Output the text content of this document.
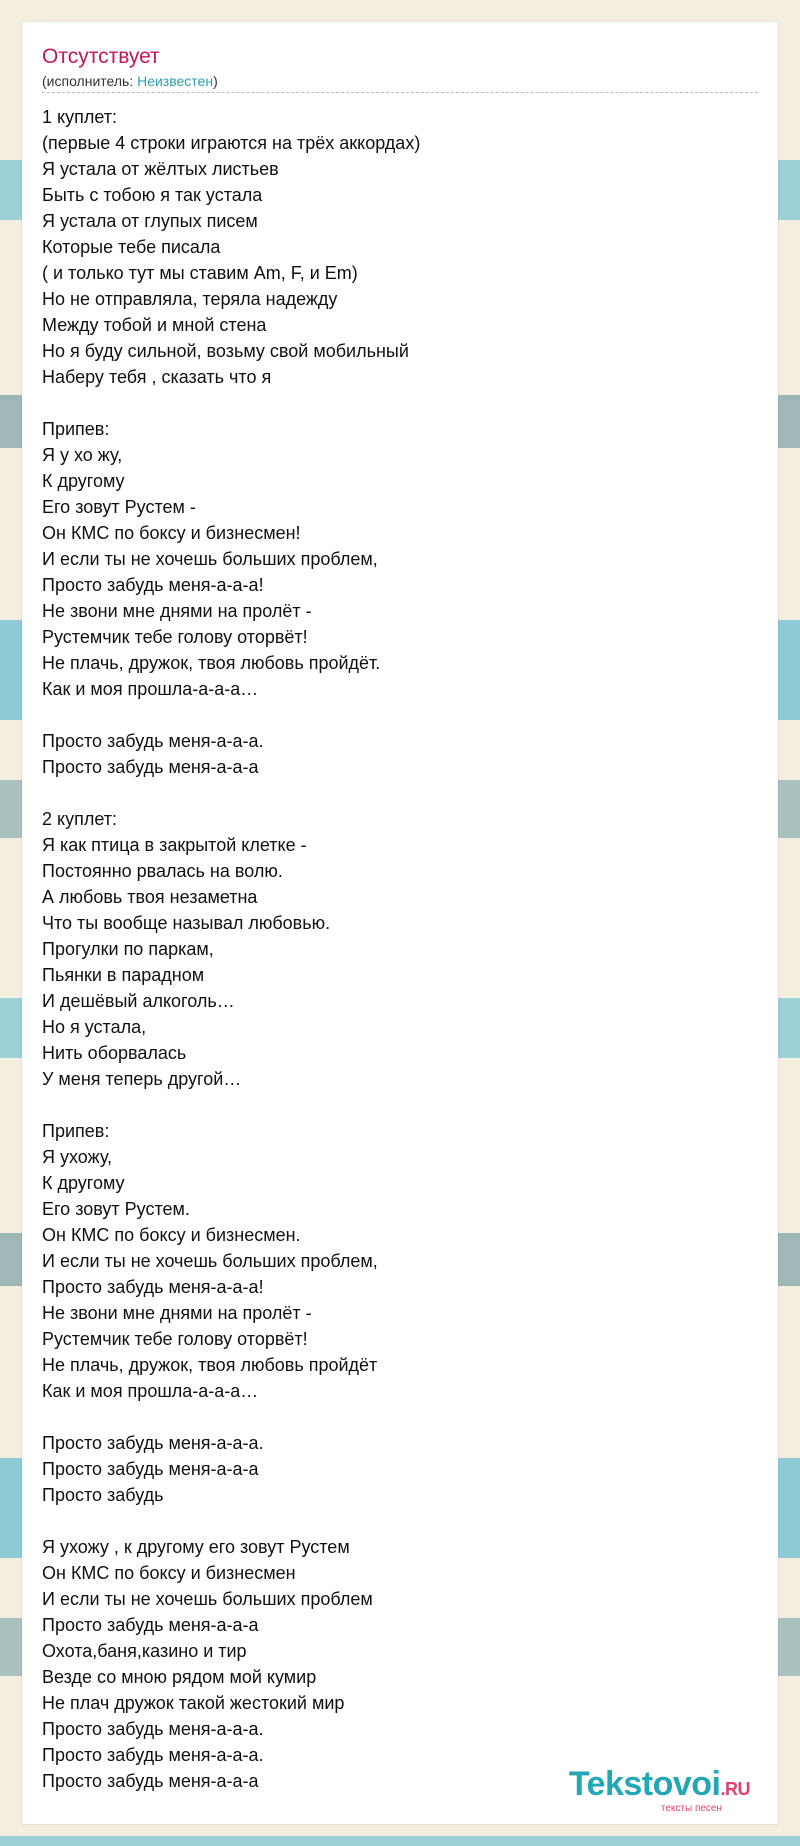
Отсутствует
(исполнитель: Неизвестен)
1 куплет:
(первые 4 строки играются на трёх аккордах)
Я устала от жёлтых листьев
Быть с тобою я так устала
Я устала от глупых писем
Которые тебе писала
( и только тут мы ставим Am, F, и Em)
Но не отправляла, теряла надежду
Между тобой и мной стена
Но я буду сильной, возьму свой мобильный
Наберу тебя , сказать что я
Припев:
Я у хо жу,
К другому
Его зовут Рустем -
Он КМС по боксу и бизнесмен!
И если ты не хочешь больших проблем,
Просто забудь меня-а-а-а!
Не звони мне днями на пролёт -
Рустемчик тебе голову оторвёт!
Не плачь, дружок, твоя любовь пройдёт.
Как и моя прошла-а-а-а…
Просто забудь меня-а-а-а.
Просто забудь меня-а-а-а
2 куплет:
Я как птица в закрытой клетке -
Постоянно рвалась на волю.
А любовь твоя незаметна
Что ты вообще называл любовью.
Прогулки по паркам,
Пьянки в парадном
И дешёвый алкоголь…
Но я устала,
Нить оборвалась
У меня теперь другой…
Припев:
Я ухожу,
К другому
Его зовут Рустем.
Он КМС по боксу и бизнесмен.
И если ты не хочешь больших проблем,
Просто забудь меня-а-а-а!
Не звони мне днями на пролёт -
Рустемчик тебе голову оторвёт!
Не плачь, дружок, твоя любовь пройдёт
Как и моя прошла-а-а-а…
Просто забудь меня-а-а-а.
Просто забудь меня-а-а-а
Просто забудь
Я ухожу , к другому его зовут Рустем
Он КМС по боксу и бизнесмен
И если ты не хочешь больших проблем
Просто забудь меня-а-а-а
Охота,баня,казино и тир
Везде со мною рядом мой кумир
Не плач дружок такой жестокий мир
Просто забудь меня-а-а-а.
Просто забудь меня-а-а-а.
Просто забудь меня-а-а-а	Tekstovoi.RU
тексты песен
